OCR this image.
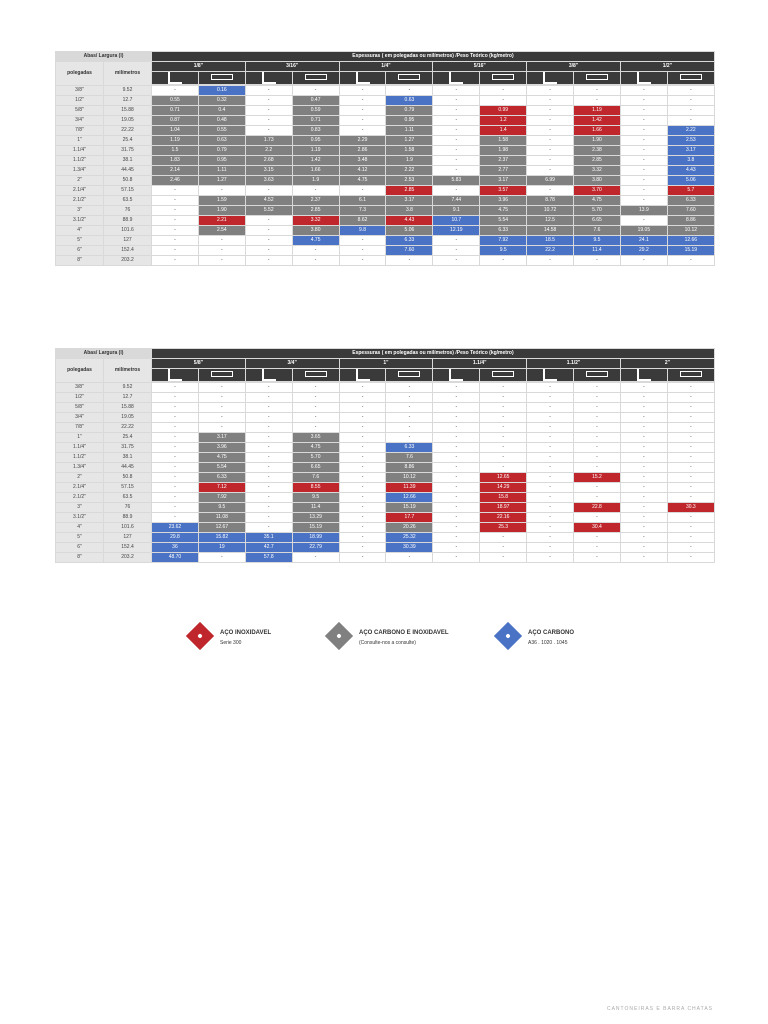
Abas/ Largura (l)		Espessuras ( em polegadas ou milímetros) /Peso Teórico (kg/metro)											
polegadas	milímetros	1/8"		3/16"		1/4"		5/16"		3/8"		1/2"	

3/8"	9.52	-	0.16	-	-	-	-	-	-	-	-	-	-
1/2"	12.7	0.55	0.32	-	0.47	-	0.63	-	-	-	-	-	-
5/8"	15.88	0.71	0.4	-	0.59	-	0.79	-	0.99	-	1.19	-	-
3/4"	19.05	0.87	0.48	-	0.71	-	0.95	-	1.2	-	1.42	-	-
7/8"	22.22	1.04	0.55	-	0.83	-	1.11	-	1.4	-	1.66	-	2.22
1"	25.4	1.19	0.63	1.73	0.95	2.29	1.27	-	1.58	-	1.90	-	2.53
1.1/4"	31.75	1.5	0.79	2.2	1.19	2.86	1.58	-	1.98	-	2.38	-	3.17
1.1/2"	38.1	1.83	0.95	2.68	1.42	3.48	1.9	-	2.37	-	2.85	-	3.8
1.3/4"	44.45	2.14	1.11	3.15	1.66	4.12	2.22	-	2.77	-	3.32	-	4.43
2"	50.8	2.46	1.27	3.63	1.9	4.75	2.53	5.83	3.17	6.99	3.80	-	5.06
2.1/4"	57.15	-	-	-	-	-	2.85	-	3.57	-	3.70	-	5.7
2.1/2"	63.5	-	1.59	4.52	2.37	6.1	3.17	7.44	3.96	8.78	4.75	-	6.33
3"	76	-	1.90	5.52	2.85	7.3	3.8	9.1	4.75	10.72	5.70	13.9	7.60
3.1/2"	88.9	-	2.21	-	3.32	8.62	4.43	10.7	5.54	12.5	6.65	-	8.86
4"	101.6	-	2.54	-	3.80	9.8	5.06	12.19	6.33	14.58	7.6	19.05	10.12
5"	127	-	-	-	4.75	-	6.33	-	7.92	18.5	9.5	24.1	12.66
6"	152.4	-	-	-	-	-	7.60	-	9.5	22.2	11.4	29.2	15.19
8"	203.2	-	-	-	-	-	-	-	-	-	-	-	-
Abas/ Largura (l)		Espessuras ( em polegadas ou milímetros) /Peso Teórico (kg/metro)											
polegadas	milímetros	5/8"		3/4"		1"		1.1/4"		1.1/2"		2"	

3/8"	9.52	-	-	-	-	-	-	-	-	-	-	-	-
1/2"	12.7	-	-	-	-	-	-	-	-	-	-	-	-
5/8"	15.88	-	-	-	-	-	-	-	-	-	-	-	-
3/4"	19.05	-	-	-	-	-	-	-	-	-	-	-	-
7/8"	22.22	-	-	-	-	-	-	-	-	-	-	-	-
1"	25.4	-	3.17	-	3.65	-	-	-	-	-	-	-	-
1.1/4"	31.75	-	3.96	-	4.75	-	6.33	-	-	-	-	-	-
1.1/2"	38.1	-	4.75	-	5.70	-	7.6	-	-	-	-	-	-
1.3/4"	44.45	-	5.54	-	6.65	-	8.86	-	-	-	-	-	-
2"	50.8	-	6.33	-	7.6	-	10.12	-	12.65	-	15.2	-	-
2.1/4"	57.15	-	7.12	-	8.55	-	11.39	-	14.29	-	-	-	-
2.1/2"	63.5	-	7.92	-	9.5	-	12.66	-	15.8	-	-	-	-
3"	76	-	9.5	-	11.4	-	15.19	-	18.97	-	22.8	-	30.3
3.1/2"	88.9	-	11.08	-	13.29	-	17.7	-	22.16	-	-	-	-
4"	101.6	23.62	12.67	-	15.19	-	20.26	-	25.3	-	30.4	-	-
5"	127	29.8	15.82	35.1	18.99	-	25.32	-	-	-	-	-	-
6"	152.4	36	19	42.7	22.79	-	30.39	-	-	-	-	-	-
8"	203.2	48.70	-	57.8	-	-	-	-	-	-	-	-	-
AÇO INOXIDAVEL
Serie 300
AÇO CARBONO E INOXIDAVEL
(Consulte-nos a consulte)
AÇO CARBONO
A36 . 1020 . 1045
CANTONEIRAS E BARRA CHATAS
